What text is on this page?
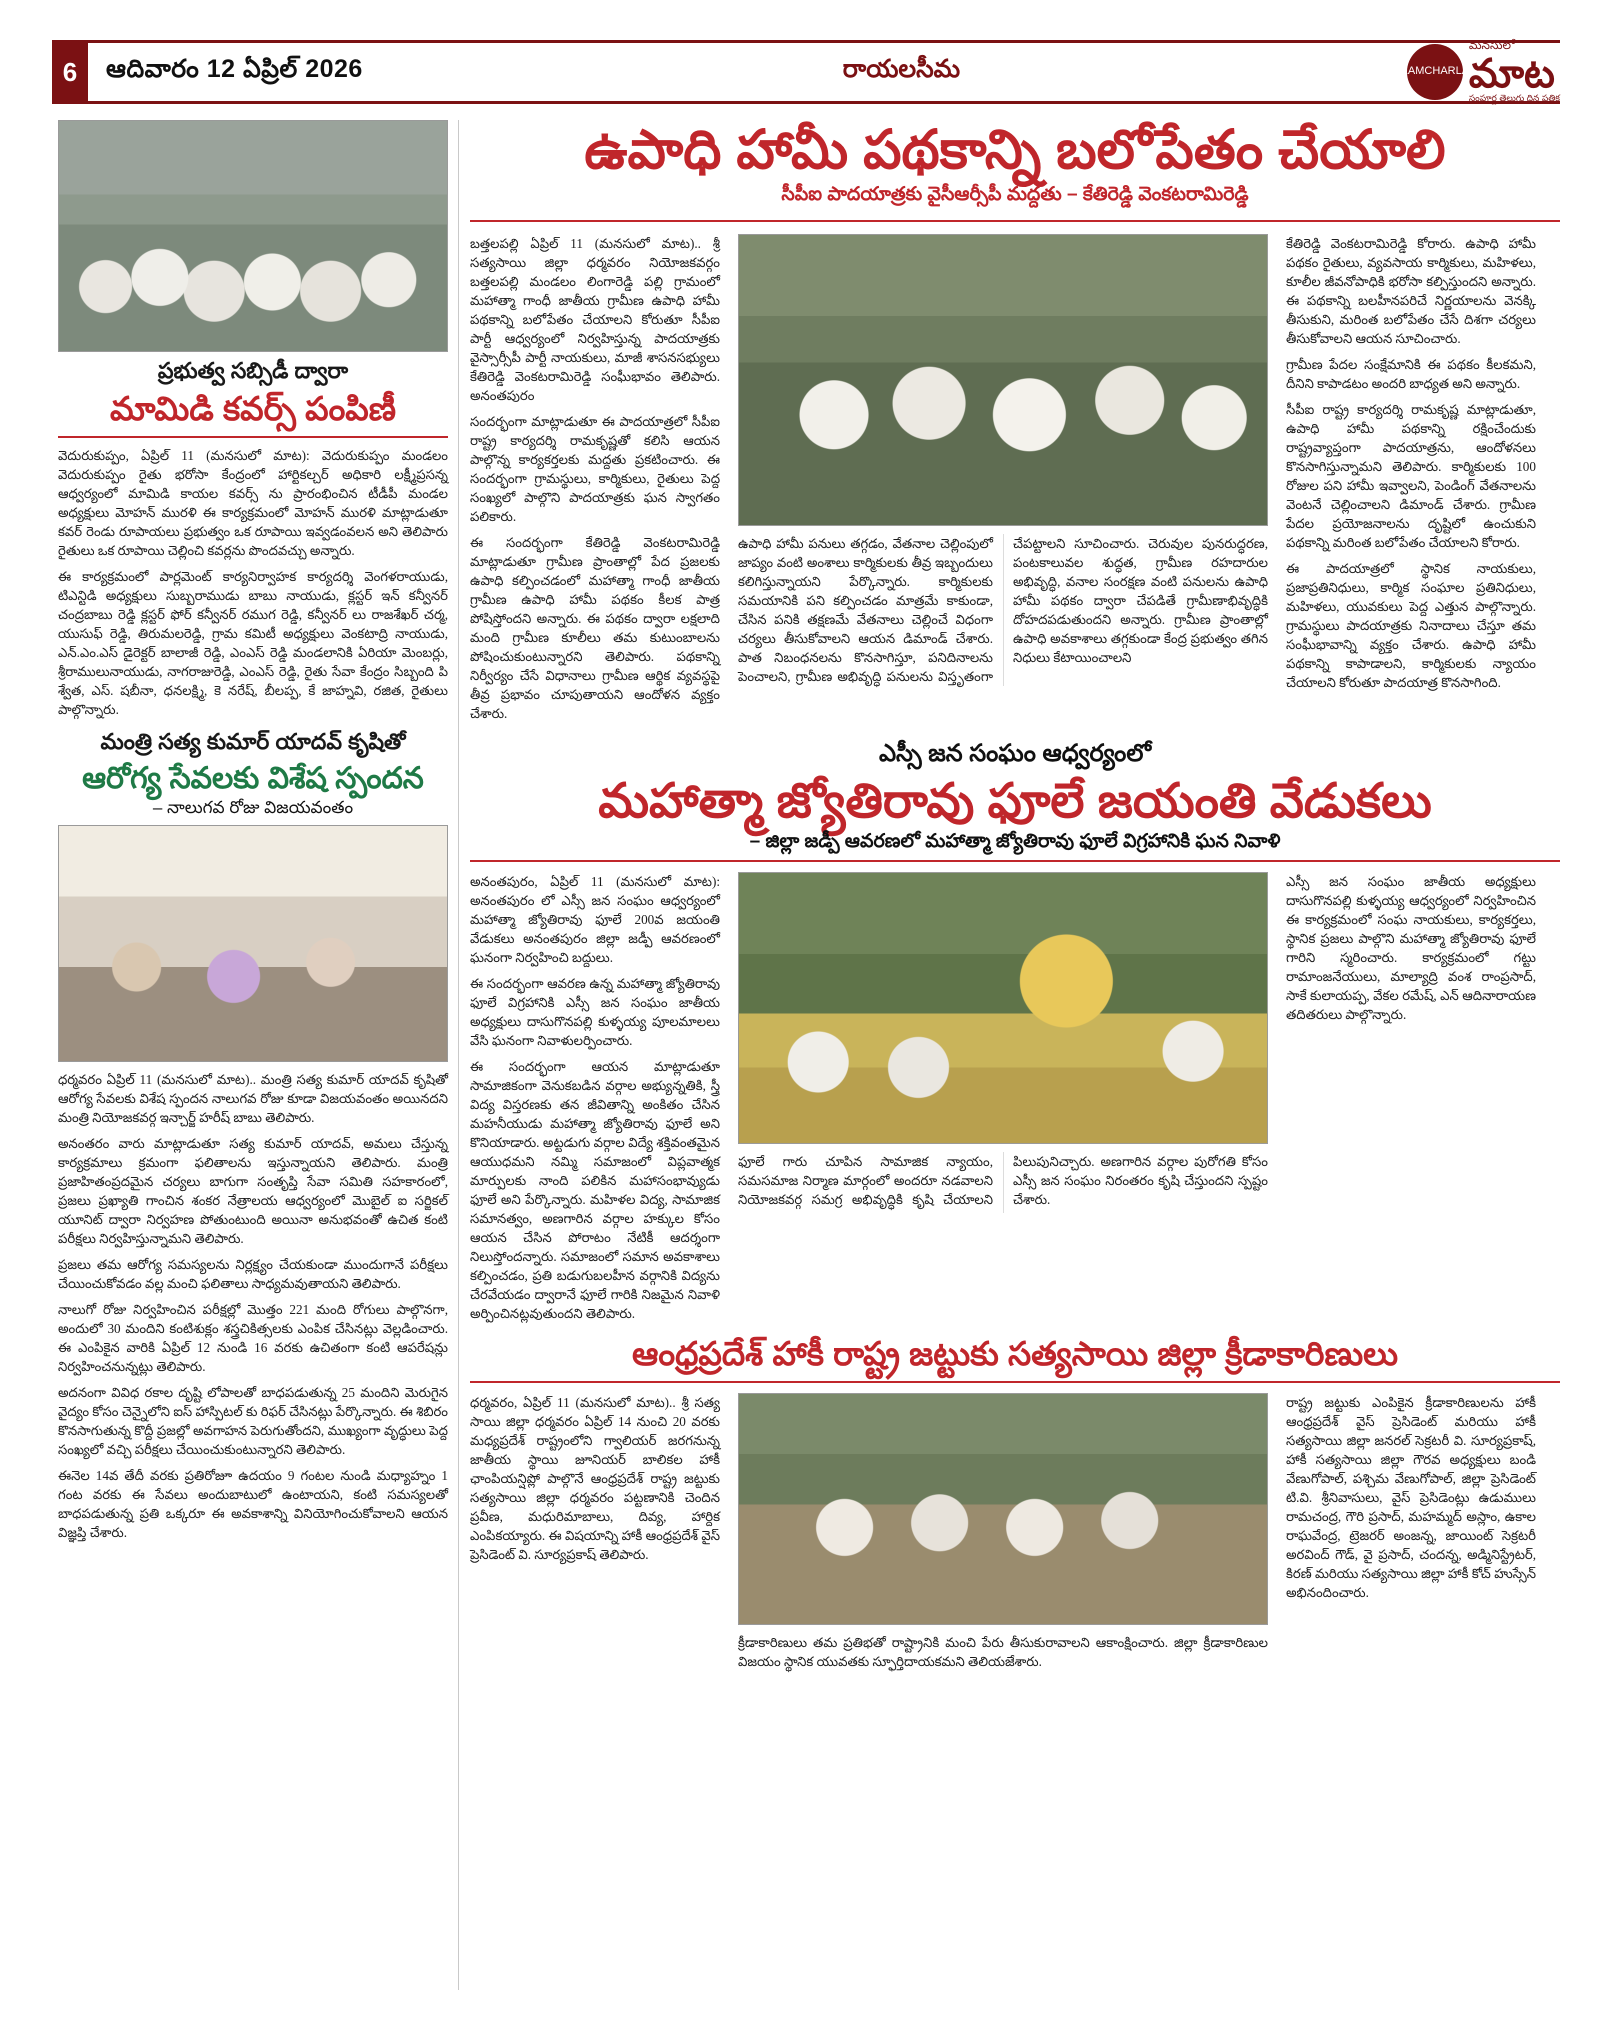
6	ఆదివారం 12 ఏప్రిల్ 2026	రాయలసీమ	KAMCHARLA
మనసులో
మాట
సంపూర్ణ తెలుగు దిన పత్రిక
ప్రభుత్వ సబ్సిడీ ద్వారా
మామిడి కవర్స్ పంపిణీ

వెదురుకుప్పం, ఏప్రిల్ 11 (మనసులో మాట): వెదురుకుప్పం మండలం వెదురుకుప్పం రైతు భరోసా కేంద్రంలో హార్టికల్చర్ అధికారి లక్ష్మీప్రసన్న ఆధ్వర్యంలో మామిడి కాయల కవర్స్ ను ప్రారంభించిన టీడీపీ మండల అధ్యక్షులు మోహన్ మురళి ఈ కార్యక్రమంలో మోహన్ మురళి మాట్లాడుతూ కవర్ రెండు రూపాయలు ప్రభుత్వం ఒక రూపాయి ఇవ్వడంవలన అని తెలిపారు రైతులు ఒక రూపాయి చెల్లించి కవర్లను పొందవచ్చు అన్నారు.

ఈ కార్యక్రమంలో పార్లమెంట్ కార్యనిర్వాహక కార్యదర్శి వెంగళరాయుడు, టిఎన్టిడి అధ్యక్షులు సుబ్బరాముడు బాబు నాయుడు, క్లస్టర్ ఇన్ కన్వీనర్ చంద్రబాబు రెడ్డి క్లస్టర్ ఫోర్ కన్వీనర్ రముగ రెడ్డి, కన్వీనర్ లు రాజశేఖర్ చర్మ, యుసుఫ్ రెడ్డి, తిరుమలరెడ్డి, గ్రామ కమిటీ అధ్యక్షులు వెంకటాద్రి నాయుడు, ఎన్.ఎం.ఎస్ డైరెక్టర్ బాలాజీ రెడ్డి, ఎంఎస్ రెడ్డి మండలానికి ఏరియా మెంబర్లు, శ్రీరాములునాయుడు, నాగరాజురెడ్డి, ఎంఎస్ రెడ్డి, రైతు సేవా కేంద్రం సిబ్బంది పి శ్వేత, ఎస్. షబీనా, ధనలక్ష్మి, కె నరేష్, బీలప్ప, కే జాహ్నవి, రజిత, రైతులు పాల్గొన్నారు.

మంత్రి సత్య కుమార్ యాదవ్ కృషితో
ఆరోగ్య సేవలకు విశేష స్పందన
– నాలుగవ రోజు విజయవంతం

ధర్మవరం ఏప్రిల్ 11 (మనసులో మాట).. మంత్రి సత్య కుమార్ యాదవ్ కృషితో ఆరోగ్య సేవలకు విశేష స్పందన నాలుగవ రోజు కూడా విజయవంతం అయినదని మంత్రి నియోజకవర్గ ఇన్చార్జ్ హరీష్ బాబు తెలిపారు.

అనంతరం వారు మాట్లాడుతూ సత్య కుమార్ యాదవ్, అమలు చేస్తున్న కార్యక్రమాలు క్రమంగా ఫలితాలను ఇస్తున్నాయని తెలిపారు. మంత్రి ప్రజాహితంప్రదమైన చర్యలు బాగుగా సంతృప్తి సేవా సమితి సహకారంలో, ప్రజలు ప్రఖ్యాతి గాంచిన శంకర నేత్రాలయ ఆధ్వర్యంలో మొబైల్ ఐ సర్జికల్ యూనిట్ ద్వారా నిర్వహణ పోతుంటుంది అయినా అనుభవంతో ఉచిత కంటి పరీక్షలు నిర్వహిస్తున్నామని తెలిపారు.

ప్రజలు తమ ఆరోగ్య సమస్యలను నిర్లక్ష్యం చేయకుండా ముందుగానే పరీక్షలు చేయించుకోవడం వల్ల మంచి ఫలితాలు సాధ్యమవుతాయని తెలిపారు.

నాలుగో రోజు నిర్వహించిన పరీక్షల్లో మొత్తం 221 మంది రోగులు పాల్గొనగా, అందులో 30 మందిని కంటిశుక్లం శస్త్రచికిత్సలకు ఎంపిక చేసినట్లు వెల్లడించారు. ఈ ఎంపికైన వారికి ఏప్రిల్ 12 నుండి 16 వరకు ఉచితంగా కంటి ఆపరేషన్లు నిర్వహించనున్నట్లు తెలిపారు.

అదనంగా వివిధ రకాల దృష్టి లోపాలతో బాధపడుతున్న 25 మందిని మెరుగైన వైద్యం కోసం చెన్నైలోని ఐస్ హాస్పిటల్ కు రిఫర్ చేసినట్లు పేర్కొన్నారు. ఈ శిబిరం కొనసాగుతున్న కొద్దీ ప్రజల్లో అవగాహన పెరుగుతోందని, ముఖ్యంగా వృద్ధులు పెద్ద సంఖ్యలో వచ్చి పరీక్షలు చేయించుకుంటున్నారని తెలిపారు.

ఈనెల 14వ తేదీ వరకు ప్రతిరోజూ ఉదయం 9 గంటల నుండి మధ్యాహ్నం 1 గంట వరకు ఈ సేవలు అందుబాటులో ఉంటాయని, కంటి సమస్యలతో బాధపడుతున్న ప్రతి ఒక్కరూ ఈ అవకాశాన్ని వినియోగించుకోవాలని ఆయన విజ్ఞప్తి చేశారు.

ఉపాధి హామీ పథకాన్ని బలోపేతం చేయాలి
సీపీఐ పాదయాత్రకు వైసీఆర్సీపీ మద్దతు – కేతిరెడ్డి వెంకటరామిరెడ్డి

బత్తలపల్లి ఏప్రిల్ 11 (మనసులో మాట).. శ్రీ సత్యసాయి జిల్లా ధర్మవరం నియోజకవర్గం బత్తలపల్లి మండలం లింగారెడ్డి పల్లి గ్రామంలో మహాత్మా గాంధీ జాతీయ గ్రామీణ ఉపాధి హామీ పథకాన్ని బలోపేతం చేయాలని కోరుతూ సీపీఐ పార్టీ ఆధ్వర్యంలో నిర్వహిస్తున్న పాదయాత్రకు వైస్సార్సీపీ పార్టీ నాయకులు, మాజీ శాసనసభ్యులు కేతిరెడ్డి వెంకటరామిరెడ్డి సంఘీభావం తెలిపారు. అనంతపురం

సందర్భంగా మాట్లాడుతూ ఈ పాదయాత్రలో సీపీఐ రాష్ట్ర కార్యదర్శి రామకృష్ణతో కలిసి ఆయన పాల్గొన్న కార్యకర్తలకు మద్దతు ప్రకటించారు. ఈ సందర్భంగా గ్రామస్థులు, కార్మికులు, రైతులు పెద్ద సంఖ్యలో పాల్గొని పాదయాత్రకు ఘన స్వాగతం పలికారు.

ఈ సందర్భంగా కేతిరెడ్డి వెంకటరామిరెడ్డి మాట్లాడుతూ గ్రామీణ ప్రాంతాల్లో పేద ప్రజలకు ఉపాధి కల్పించడంలో మహాత్మా గాంధీ జాతీయ గ్రామీణ ఉపాధి హామీ పథకం కీలక పాత్ర పోషిస్తోందని అన్నారు. ఈ పథకం ద్వారా లక్షలాది మంది గ్రామీణ కూలీలు తమ కుటుంబాలను పోషించుకుంటున్నారని తెలిపారు. పథకాన్ని నిర్వీర్యం చేసే విధానాలు గ్రామీణ ఆర్థిక వ్యవస్థపై తీవ్ర ప్రభావం చూపుతాయని ఆందోళన వ్యక్తం చేశారు.

ఉపాధి హామీ పనులు తగ్గడం, వేతనాల చెల్లింపులో జాప్యం వంటి అంశాలు కార్మికులకు తీవ్ర ఇబ్బందులు కలిగిస్తున్నాయని పేర్కొన్నారు. కార్మికులకు సమయానికి పని కల్పించడం మాత్రమే కాకుండా, చేసిన పనికి తక్షణమే వేతనాలు చెల్లించే విధంగా చర్యలు తీసుకోవాలని ఆయన డిమాండ్ చేశారు. పాత నిబంధనలను కొనసాగిస్తూ, పనిదినాలను పెంచాలని, గ్రామీణ అభివృద్ధి పనులను విస్తృతంగా చేపట్టాలని సూచించారు. చెరువుల పునరుద్ధరణ, పంటకాలువల శుద్ధత, గ్రామీణ రహదారుల అభివృద్ధి, వనాల సంరక్షణ వంటి పనులను ఉపాధి హామీ పథకం ద్వారా చేపడితే గ్రామీణాభివృద్ధికి దోహదపడుతుందని అన్నారు. గ్రామీణ ప్రాంతాల్లో ఉపాధి అవకాశాలు తగ్గకుండా కేంద్ర ప్రభుత్వం తగిన నిధులు కేటాయించాలని

కేతిరెడ్డి వెంకటరామిరెడ్డి కోరారు. ఉపాధి హామీ పథకం రైతులు, వ్యవసాయ కార్మికులు, మహిళలు, కూలీల జీవనోపాధికి భరోసా కల్పిస్తుందని అన్నారు. ఈ పథకాన్ని బలహీనపరిచే నిర్ణయాలను వెనక్కి తీసుకుని, మరింత బలోపేతం చేసే దిశగా చర్యలు తీసుకోవాలని ఆయన సూచించారు.

గ్రామీణ పేదల సంక్షేమానికి ఈ పథకం కీలకమని, దీనిని కాపాడటం అందరి బాధ్యత అని అన్నారు.

సీపీఐ రాష్ట్ర కార్యదర్శి రామకృష్ణ మాట్లాడుతూ, ఉపాధి హామీ పథకాన్ని రక్షించేందుకు రాష్ట్రవ్యాప్తంగా పాదయాత్రను, ఆందోళనలు కొనసాగిస్తున్నామని తెలిపారు. కార్మికులకు 100 రోజుల పని హామీ ఇవ్వాలని, పెండింగ్ వేతనాలను వెంటనే చెల్లించాలని డిమాండ్ చేశారు. గ్రామీణ పేదల ప్రయోజనాలను దృష్టిలో ఉంచుకుని పథకాన్ని మరింత బలోపేతం చేయాలని కోరారు.

ఈ పాదయాత్రలో స్థానిక నాయకులు, ప్రజాప్రతినిధులు, కార్మిక సంఘాల ప్రతినిధులు, మహిళలు, యువకులు పెద్ద ఎత్తున పాల్గొన్నారు. గ్రామస్థులు పాదయాత్రకు నినాదాలు చేస్తూ తమ సంఘీభావాన్ని వ్యక్తం చేశారు. ఉపాధి హామీ పథకాన్ని కాపాడాలని, కార్మికులకు న్యాయం చేయాలని కోరుతూ పాదయాత్ర కొనసాగింది.

ఎస్సీ జన సంఘం ఆధ్వర్యంలో
మహాత్మా జ్యోతిరావు ఫూలే జయంతి వేడుకలు
– జిల్లా జడ్పీ ఆవరణలో మహాత్మా జ్యోతిరావు ఫూలే విగ్రహానికి ఘన నివాళి

అనంతపురం, ఏప్రిల్ 11 (మనసులో మాట): అనంతపురం లో ఎస్సీ జన సంఘం ఆధ్వర్యంలో మహాత్మా జ్యోతిరావు ఫూలే 200వ జయంతి వేడుకలు అనంతపురం జిల్లా జడ్పీ ఆవరణంలో ఘనంగా నిర్వహించి బద్దులు.

ఈ సందర్భంగా ఆవరణ ఉన్న మహాత్మా జ్యోతిరావు ఫూలే విగ్రహానికి ఎస్సీ జన సంఘం జాతీయ అధ్యక్షులు దాసుగొనపల్లి కుళ్ళయ్య పూలమాలలు వేసి ఘనంగా నివాళులర్పించారు.

ఈ సందర్భంగా ఆయన మాట్లాడుతూ సామాజికంగా వెనుకబడిన వర్గాల అభ్యున్నతికి, స్త్రీ విద్య విస్తరణకు తన జీవితాన్ని అంకితం చేసిన మహనీయుడు మహాత్మా జ్యోతిరావు ఫూలే అని కొనియాడారు. అట్టడుగు వర్గాల విద్యే శక్తివంతమైన ఆయుధమని నమ్మి సమాజంలో విప్లవాత్మక మార్పులకు నాంది పలికిన మహాసంభావ్యుడు ఫూలే అని పేర్కొన్నారు. మహిళల విద్య, సామాజిక సమానత్వం, అణగారిన వర్గాల హక్కుల కోసం ఆయన చేసిన పోరాటం నేటికీ ఆదర్శంగా నిలుస్తోందన్నారు. సమాజంలో సమాన అవకాశాలు కల్పించడం, ప్రతి బడుగుబలహీన వర్గానికి విద్యను చేరవేయడం ద్వారానే ఫూలే గారికి నిజమైన నివాళి అర్పించినట్లవుతుందని తెలిపారు.

ఫూలే గారు చూపిన సామాజిక న్యాయం, సమసమాజ నిర్మాణ మార్గంలో అందరూ నడవాలని నియోజకవర్గ సమగ్ర అభివృద్ధికి కృషి చేయాలని పిలుపునిచ్చారు. అణగారిన వర్గాల పురోగతి కోసం ఎస్సీ జన సంఘం నిరంతరం కృషి చేస్తుందని స్పష్టం చేశారు.

ఎస్సీ జన సంఘం జాతీయ అధ్యక్షులు దాసుగొనపల్లి కుళ్ళయ్య ఆధ్వర్యంలో నిర్వహించిన ఈ కార్యక్రమంలో సంఘ నాయకులు, కార్యకర్తలు, స్థానిక ప్రజలు పాల్గొని మహాత్మా జ్యోతిరావు ఫూలే గారిని స్మరించారు. కార్యక్రమంలో గట్టు రామాంజనేయులు, మాల్యాద్రి వంశ రాంప్రసాద్, సాకే కులాయప్ప, వేకల రమేష్, ఎన్ ఆదినారాయణ తదితరులు పాల్గొన్నారు.

ఆంధ్రప్రదేశ్ హాకీ రాష్ట్ర జట్టుకు సత్యసాయి జిల్లా క్రీడాకారిణులు

ధర్మవరం, ఏప్రిల్ 11 (మనసులో మాట).. శ్రీ సత్య సాయి జిల్లా ధర్మవరం ఏప్రిల్ 14 నుంచి 20 వరకు మధ్యప్రదేశ్ రాష్ట్రంలోని గ్వాలియర్ జరగనున్న జాతీయ స్థాయి జూనియర్ బాలికల హాకీ ఛాంపియన్షిప్లో పాల్గొనే ఆంధ్రప్రదేశ్ రాష్ట్ర జట్టుకు సత్యసాయి జిల్లా ధర్మవరం పట్టణానికి చెందిన ప్రవీణ, మధురిమాబాలు, దివ్య, హార్దిక ఎంపికయ్యారు. ఈ విషయాన్ని హాకీ ఆంధ్రప్రదేశ్ వైస్ ప్రెసిడెంట్ వి. సూర్యప్రకాష్ తెలిపారు.

క్రీడాకారిణులు తమ ప్రతిభతో రాష్ట్రానికి మంచి పేరు తీసుకురావాలని ఆకాంక్షించారు. జిల్లా క్రీడాకారిణుల విజయం స్థానిక యువతకు స్ఫూర్తిదాయకమని తెలియజేశారు.

రాష్ట్ర జట్టుకు ఎంపికైన క్రీడాకారిణులను హాకీ ఆంధ్రప్రదేశ్ వైస్ ప్రెసిడెంట్ మరియు హాకీ సత్యసాయి జిల్లా జనరల్ సెక్రటరీ వి. సూర్యప్రకాష్, హాకీ సత్యసాయి జిల్లా గౌరవ అధ్యక్షులు బండి వేణుగోపాల్, పశ్చిమ వేణుగోపాల్, జిల్లా ప్రెసిడెంట్ టి.వి. శ్రీనివాసులు, వైస్ ప్రెసిడెంట్లు ఉడుములు రామచంద్ర, గౌరి ప్రసాద్, మహమ్మద్ అస్లాం, ఉకాల రాఘవేంద్ర, ట్రెజరర్ అంజన్న, జాయింట్ సెక్రటరీ అరవింద్ గౌడ్, వై ప్రసాద్, చందన్న, అడ్మినిస్ట్రేటర్, కిరణ్ మరియు సత్యసాయి జిల్లా హాకీ కోచ్ హుస్సేన్ అభినందించారు.
